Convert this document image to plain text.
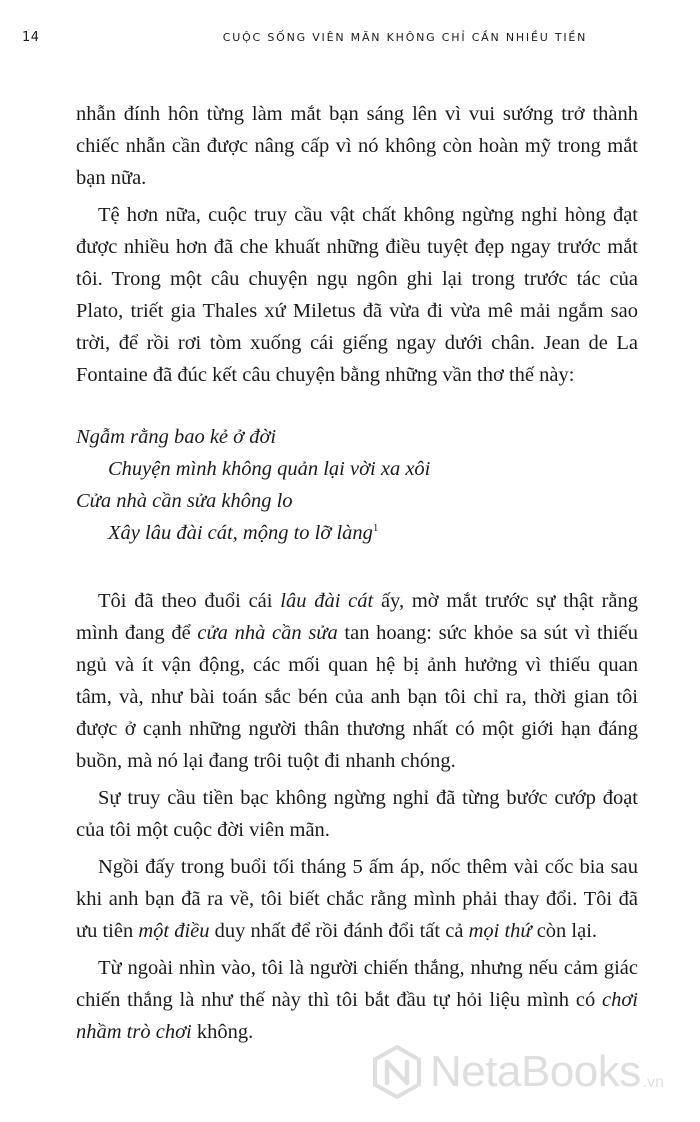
14	CUỘC SỐNG VIÊN MÃN KHÔNG CHỈ CẦN NHIỀU TIỀN

nhẫn đính hôn từng làm mắt bạn sáng lên vì vui sướng trở thành chiếc nhẫn cần được nâng cấp vì nó không còn hoàn mỹ trong mắt bạn nữa.

Tệ hơn nữa, cuộc truy cầu vật chất không ngừng nghỉ hòng đạt được nhiều hơn đã che khuất những điều tuyệt đẹp ngay trước mắt tôi. Trong một câu chuyện ngụ ngôn ghi lại trong trước tác của Plato, triết gia Thales xứ Miletus đã vừa đi vừa mê mải ngắm sao trời, để rồi rơi tòm xuống cái giếng ngay dưới chân. Jean de La Fontaine đã đúc kết câu chuyện bằng những vần thơ thế này:

Ngẫm rằng bao kẻ ở đời
Chuyện mình không quản lại vời xa xôi
Cửa nhà cần sửa không lo
Xây lâu đài cát, mộng to lỡ làng$^1$

Tôi đã theo đuổi cái lâu đài cát ấy, mờ mắt trước sự thật rằng mình đang để cửa nhà cần sửa tan hoang: sức khỏe sa sút vì thiếu ngủ và ít vận động, các mối quan hệ bị ảnh hưởng vì thiếu quan tâm, và, như bài toán sắc bén của anh bạn tôi chỉ ra, thời gian tôi được ở cạnh những người thân thương nhất có một giới hạn đáng buồn, mà nó lại đang trôi tuột đi nhanh chóng.

Sự truy cầu tiền bạc không ngừng nghỉ đã từng bước cướp đoạt của tôi một cuộc đời viên mãn.

Ngồi đấy trong buổi tối tháng 5 ấm áp, nốc thêm vài cốc bia sau khi anh bạn đã ra về, tôi biết chắc rằng mình phải thay đổi. Tôi đã ưu tiên một điều duy nhất để rồi đánh đổi tất cả mọi thứ còn lại.

Từ ngoài nhìn vào, tôi là người chiến thắng, nhưng nếu cảm giác chiến thắng là như thế này thì tôi bắt đầu tự hỏi liệu mình có chơi nhầm trò chơi không.

NetaBooks .vn
